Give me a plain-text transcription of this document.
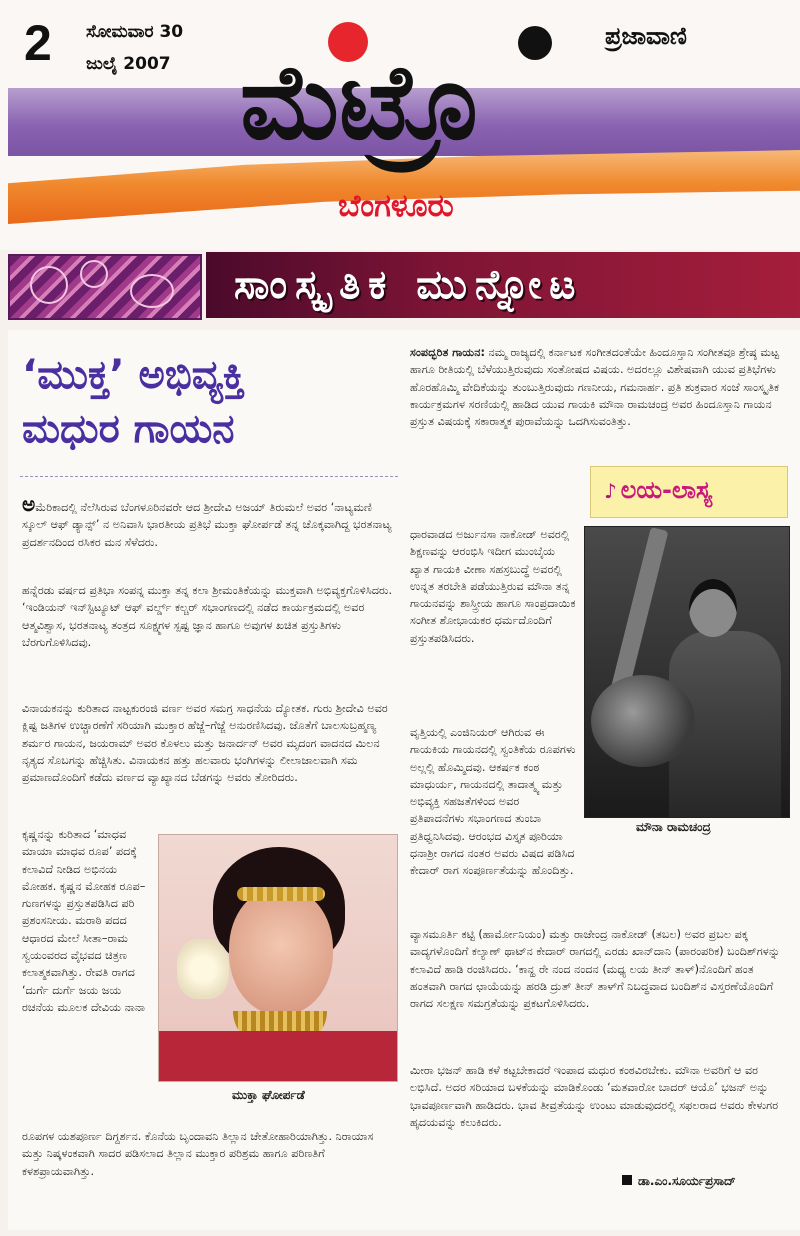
2 ಸೋಮವಾರ 30
ಜುಲೈ 2007
ಪ್ರಜಾವಾಣಿ
ಮೆಟ್ರೊ
ಬೆಂಗಳೂರು
ಸಾಂಸ್ಕೃತಿಕ ಮುನ್ನೋಟ
‘ಮುಕ್ತ’ ಅಭಿವ್ಯಕ್ತಿ
ಮಧುರ ಗಾಯನ

ಅಮೆರಿಕಾದಲ್ಲಿ ನೆಲೆಸಿರುವ ಬೆಂಗಳೂರಿನವರೇ ಆದ ಶ್ರೀದೇವಿ ಅಜಯ್ ತಿರುಮಲೆ ಅವರ ‘ನಾಟ್ಯಮಣಿ ಸ್ಕೂಲ್ ಆಫ್ ಡ್ಯಾನ್ಸ್’ ನ ಅನಿವಾಸಿ ಭಾರತೀಯ ಪ್ರತಿಭೆ ಮುಕ್ತಾ ಘೋರ್ಪಡೆ ತನ್ನ ಚೊಕ್ಕವಾಗಿದ್ದ ಭರತನಾಟ್ಯ ಪ್ರದರ್ಶನದಿಂದ ರಸಿಕರ ಮನ ಸೆಳೆದರು.

ಹನ್ನೆರಡು ವರ್ಷದ ಪ್ರತಿಭಾ ಸಂಪನ್ನ ಮುಕ್ತಾ ತನ್ನ ಕಲಾ ಶ್ರೀಮಂತಿಕೆಯನ್ನು ಮುಕ್ತವಾಗಿ ಅಭಿವ್ಯಕ್ತಗೊಳಿಸಿದರು. ‘ಇಂಡಿಯನ್ ಇನ್‌ಸ್ಟಿಟ್ಯೂಟ್ ಆಫ್ ವರ್ಲ್ಡ್ ಕಲ್ಚರ್ ಸಭಾಂಗಣದಲ್ಲಿ ನಡೆದ ಕಾರ್ಯಕ್ರಮದಲ್ಲಿ ಅವರ ಆತ್ಮವಿಶ್ವಾಸ, ಭರತನಾಟ್ಯ ತಂತ್ರದ ಸೂಕ್ಷ್ಮಗಳ ಸ್ಪಷ್ಟ ಜ್ಞಾನ ಹಾಗೂ ಅವುಗಳ ಖಚಿತ ಪ್ರಸ್ತುತಿಗಳು ಬೆರಗುಗೊಳಿಸಿದವು.

ವಿನಾಯಕನನ್ನು ಕುರಿತಾದ ನಾಟ್ಟಕುರಂಜಿ ವರ್ಣ ಅವರ ಸಮಗ್ರ ಸಾಧನೆಯ ದ್ಯೋತಕ. ಗುರು ಶ್ರೀದೇವಿ ಅವರ ಕ್ಲಿಷ್ಟ ಜತಿಗಳ ಉಚ್ಚಾರಣೆಗೆ ಸರಿಯಾಗಿ ಮುಕ್ತಾರ ಹೆಜ್ಜೆ–ಗೆಜ್ಜೆ ಅನುರಣಿಸಿದವು. ಜೊತೆಗೆ ಬಾಲಸುಬ್ರಹ್ಮಣ್ಯ ಶರ್ಮರ ಗಾಯನ, ಜಯರಾಮ್ ಅವರ ಕೊಳಲು ಮತ್ತು ಜನಾರ್ದನ್ ಅವರ ಮೃದಂಗ ವಾದನದ ಮಿಲನ ನೃತ್ಯದ ಸೊಬಗನ್ನು ಹೆಚ್ಚಿಸಿತು. ವಿನಾಯಕನ ಹತ್ತು ಹಲವಾರು ಭಂಗಿಗಳನ್ನು ಲೀಲಾಜಾಲವಾಗಿ ಸಮ ಪ್ರಮಾಣದೊಂದಿಗೆ ಕಡೆದು ವರ್ಣದ ವ್ಯಾಖ್ಯಾನದ ಬೆಡಗನ್ನು ಅವರು ತೋರಿದರು.

ಕೃಷ್ಣನನ್ನು ಕುರಿತಾದ ‘ಮಾಧವ ಮಾಯಾ ಮಾಧವ ರೂಪ’ ಪದಕ್ಕೆ ಕಲಾವಿದೆ ನೀಡಿದ ಅಭಿನಯ ಮೋಹಕ. ಕೃಷ್ಣನ ಮೋಹಕ ರೂಪ–ಗುಣಗಳನ್ನು ಪ್ರಸ್ತುತಪಡಿಸಿದ ಪರಿ ಪ್ರಶಂಸನೀಯ. ಮರಾಠಿ ಪದದ ಆಧಾರದ ಮೇಲೆ ಸೀತಾ–ರಾಮ ಸ್ವಯಂವರದ ವೈಭವದ ಚಿತ್ರಣ ಕಲಾತ್ಮಕವಾಗಿತ್ತು. ರೇವತಿ ರಾಗದ ‘ದುರ್ಗೆ ದುರ್ಗೆ ಜಯ ಜಯ ರಚನೆಯ ಮೂಲಕ ದೇವಿಯ ನಾನಾ

ರೂಪಗಳ ಯಶಪೂರ್ಣ ದಿಗ್ದರ್ಶನ. ಕೊನೆಯ ಬೃಂದಾವನಿ ತಿಲ್ಲಾನ ಚೇತೋಹಾರಿಯಾಗಿತ್ತು. ನಿರಾಯಾಸ ಮತ್ತು ನಿಷ್ಕಳಂಕವಾಗಿ ಸಾದರ ಪಡಿಸಲಾದ ತಿಲ್ಲಾನ ಮುಕ್ತಾರ ಪರಿಶ್ರಮ ಹಾಗೂ ಪರಿಣತಿಗೆ ಕಳಶಪ್ರಾಯವಾಗಿತ್ತು.

ಮುಕ್ತಾ ಘೋರ್ಪಡೆ

ಸಂಪದ್ಭರಿತ ಗಾಯನ: ನಮ್ಮ ರಾಜ್ಯದಲ್ಲಿ ಕರ್ನಾಟಕ ಸಂಗೀತದಂತೆಯೇ ಹಿಂದೂಸ್ತಾನಿ ಸಂಗೀತವೂ ಶ್ರೇಷ್ಠ ಮಟ್ಟ ಹಾಗೂ ರೀತಿಯಲ್ಲಿ ಬೆಳೆಯುತ್ತಿರುವುದು ಸಂತೋಷದ ವಿಷಯ. ಅದರಲ್ಲೂ ವಿಶೇಷವಾಗಿ ಯುವ ಪ್ರತಿಭೆಗಳು ಹೊರಹೊಮ್ಮಿ ವೇದಿಕೆಯನ್ನು ತುಂಬುತ್ತಿರುವುದು ಗಣನೀಯ, ಗಮನಾರ್ಹ. ಪ್ರತಿ ಶುಕ್ರವಾರ ಸಂಜೆ ಸಾಂಸ್ಕೃತಿಕ ಕಾರ್ಯಕ್ರಮಗಳ ಸರಣಿಯಲ್ಲಿ ಹಾಡಿದ ಯುವ ಗಾಯಕಿ ಮೌನಾ ರಾಮಚಂದ್ರ ಅವರ ಹಿಂದೂಸ್ತಾನಿ ಗಾಯನ ಪ್ರಸ್ತುತ ವಿಷಯಕ್ಕೆ ಸಕಾರಾತ್ಮಕ ಪುರಾವೆಯನ್ನು ಒದಗಿಸುವಂತಿತ್ತು.

♪ ಲಯ-ಲಾಸ್ಯ

ಧಾರವಾಡದ ಅರ್ಜುನಸಾ ನಾಕೋಡ್ ಅವರಲ್ಲಿ ಶಿಕ್ಷಣವನ್ನು ಆರಂಭಿಸಿ ಇದೀಗ ಮುಂಬೈಯ ಖ್ಯಾತ ಗಾಯಕಿ ವೀಣಾ ಸಹಸ್ರಬುದ್ಧೆ ಅವರಲ್ಲಿ ಉನ್ನತ ತರಬೇತಿ ಪಡೆಯುತ್ತಿರುವ ಮೌನಾ ತನ್ನ ಗಾಯನವನ್ನು ಶಾಸ್ತ್ರೀಯ ಹಾಗೂ ಸಾಂಪ್ರದಾಯಿಕ ಸಂಗೀತ ಶೋಭಾಯಕರ ಧರ್ಮದೊಂದಿಗೆ ಪ್ರಸ್ತುತಪಡಿಸಿದರು.

ವೃತ್ತಿಯಲ್ಲಿ ಎಂಜಿನಿಯರ್ ಆಗಿರುವ ಈ ಗಾಯಕಿಯ ಗಾಯನದಲ್ಲಿ ಸ್ವಂತಿಕೆಯ ರೂಪಗಳು ಅಲ್ಲಲ್ಲಿ ಹೊಮ್ಮಿದವು. ಆಕರ್ಷಕ ಕಂಠ ಮಾಧುರ್ಯ, ಗಾಯನದಲ್ಲಿ ತಾದಾತ್ಮ್ಯ ಮತ್ತು ಅಭಿವ್ಯಕ್ತಿ ಸಹಜತೆಗಳಿಂದ ಅವರ ಪ್ರತಿಪಾದನೆಗಳು ಸಭಾಂಗಣದ ತುಂಬಾ ಪ್ರತಿಧ್ವನಿಸಿದವು. ಆರಂಭದ ವಿಸ್ತೃತ ಪೂರಿಯಾ ಧನಾಶ್ರೀ ರಾಗದ ನಂತರ ಅವರು ವಿಷದ ಪಡಿಸಿದ ಕೇದಾರ್ ರಾಗ ಸಂಪೂರ್ಣತೆಯನ್ನು ಹೊಂದಿತ್ತು.

ವ್ಯಾಸಮೂರ್ತಿ ಕಟ್ಟಿ (ಹಾರ್ಮೋನಿಯಂ) ಮತ್ತು ರಾಜೇಂದ್ರ ನಾಕೋಡ್ (ತಬಲ) ಅವರ ಪ್ರಬಲ ಪಕ್ಕ ವಾದ್ಯಗಳೊಂದಿಗೆ ಕಲ್ಯಾಣ್ ಥಾಟ್‌ನ ಕೇದಾರ್ ರಾಗದಲ್ಲಿ ಎರಡು ಖಾನ್‌ದಾನಿ (ಪಾರಂಪರಿಕ) ಬಂದಿಶ್‌ಗಳನ್ನು ಕಲಾವಿದೆ ಹಾಡಿ ರಂಜಿಸಿದರು. ‘ಕಾನ್ಹ ರೇ ನಂದ ನಂದನ (ಮಧ್ಯ ಲಯ ತೀನ್ ತಾಳ್)ನೊಂದಿಗೆ ಹಂತ ಹಂತವಾಗಿ ರಾಗದ ಛಾಯೆಯನ್ನು ಹರಡಿ ದ್ರುತ್ ತೀನ್ ತಾಳ್‌ಗೆ ನಿಬದ್ಧವಾದ ಬಂದಿಶ್‌ನ ವಿಸ್ತರಣೆಯೊಂದಿಗೆ ರಾಗದ ಸಲಕ್ಷಣ ಸಮಗ್ರತೆಯನ್ನು ಪ್ರಕಟಗೊಳಿಸಿದರು.

ಮೀರಾ ಭಜನ್ ಹಾಡಿ ಕಳೆ ಕಟ್ಟಬೇಕಾದರೆ ಇಂಪಾದ ಮಧುರ ಕಂಠವಿರಬೇಕು. ಮೌನಾ ಅವರಿಗೆ ಆ ವರ ಲಭಿಸಿದೆ. ಅದರ ಸರಿಯಾದ ಬಳಕೆಯನ್ನು ಮಾಡಿಕೊಂಡು ‘ಮತವಾರೋ ಬಾದರ್ ಆಯೊ’ ಭಜನ್ ಅನ್ನು ಭಾವಪೂರ್ಣವಾಗಿ ಹಾಡಿದರು. ಭಾವ ತೀವ್ರತೆಯನ್ನು ಉಂಟು ಮಾಡುವುದರಲ್ಲಿ ಸಫಲರಾದ ಅವರು ಕೇಳುಗರ ಹೃದಯವನ್ನು ಕಲುಕಿದರು.

ಮೌನಾ ರಾಮಚಂದ್ರ
ಡಾ.ಎಂ.ಸೂರ್ಯಪ್ರಸಾದ್
